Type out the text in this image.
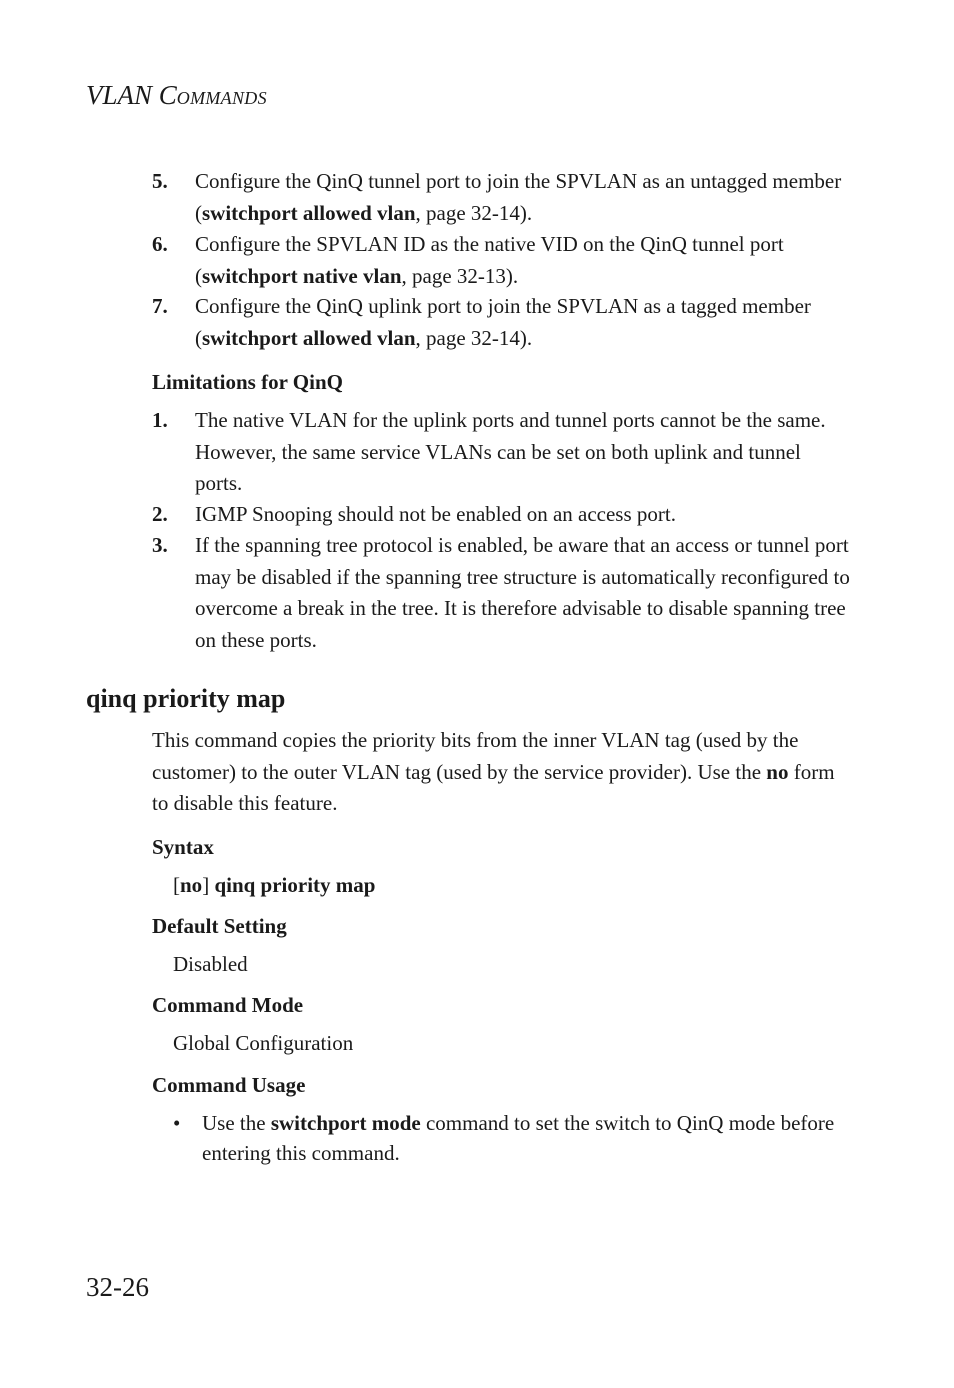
VLAN COMMANDS
5. Configure the QinQ tunnel port to join the SPVLAN as an untagged member (switchport allowed vlan, page 32-14).
6. Configure the SPVLAN ID as the native VID on the QinQ tunnel port (switchport native vlan, page 32-13).
7. Configure the QinQ uplink port to join the SPVLAN as a tagged member (switchport allowed vlan, page 32-14).
Limitations for QinQ
1. The native VLAN for the uplink ports and tunnel ports cannot be the same. However, the same service VLANs can be set on both uplink and tunnel ports.
2. IGMP Snooping should not be enabled on an access port.
3. If the spanning tree protocol is enabled, be aware that an access or tunnel port may be disabled if the spanning tree structure is automatically reconfigured to overcome a break in the tree. It is therefore advisable to disable spanning tree on these ports.
qinq priority map
This command copies the priority bits from the inner VLAN tag (used by the customer) to the outer VLAN tag (used by the service provider). Use the no form to disable this feature.
Syntax
[no] qinq priority map
Default Setting
Disabled
Command Mode
Global Configuration
Command Usage
• Use the switchport mode command to set the switch to QinQ mode before entering this command.
32-26
